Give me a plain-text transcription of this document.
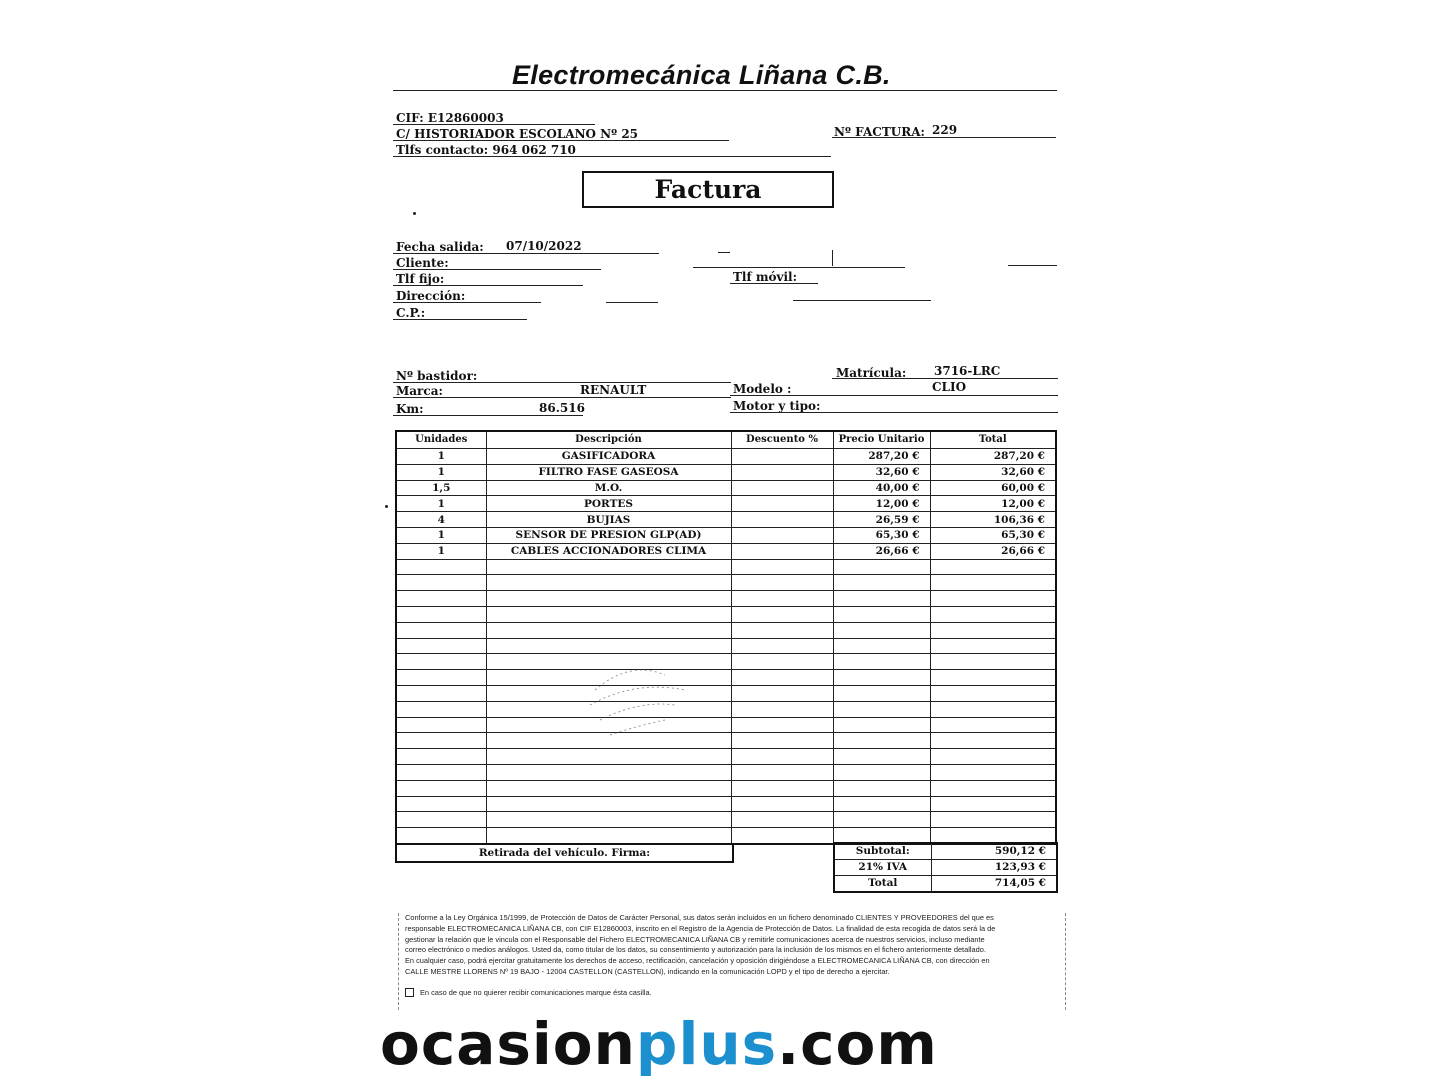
Electromecánica Liñana C.B.
CIF: E12860003
C/ HISTORIADOR ESCOLANO Nº 25
Tlfs contacto: 964 062 710
Nº FACTURA: 229
Factura
Fecha salida: 07/10/2022
Cliente:
Tlf fijo:	Tlf móvil:
Dirección:
C.P.:
Nº bastidor:	Matrícula: 3716-LRC
Marca:	RENAULT	Modelo :	CLIO
Km:	86.516	Motor y tipo:
Unidades	Descripción	Descuento %	Precio Unitario	Total
1	GASIFICADORA		287,20 €	287,20 €
1	FILTRO FASE GASEOSA		32,60 €	32,60 €
1,5	M.O.		40,00 €	60,00 €
1	PORTES		12,00 €	12,00 €
4	BUJIAS		26,59 €	106,36 €
1	SENSOR DE PRESION GLP(AD)		65,30 €	65,30 €
1	CABLES ACCIONADORES CLIMA		26,66 €	26,66 €

Retirada del vehículo. Firma:	Subtotal:	590,12 €
21% IVA	123,93 €
Total	714,05 €

Conforme a la Ley Orgánica 15/1999, de Protección de Datos de Carácter Personal, sus datos serán incluidos en un fichero denominado CLIENTES Y PROVEEDORES del que es

responsable ELECTROMECANICA LIÑANA CB, con CIF E12860003, inscrito en el Registro de la Agencia de Protección de Datos. La finalidad de esta recogida de datos será la de

gestionar la relación que le vincula con el Responsable del Fichero ELECTROMECANICA LIÑANA CB y remitirle comunicaciones acerca de nuestros servicios, incluso mediante

correo electrónico o medios análogos. Usted da, como titular de los datos, su consentimiento y autorización para la inclusión de los mismos en el fichero anteriormente detallado.

En cualquier caso, podrá ejercitar gratuitamente los derechos de acceso, rectificación, cancelación y oposición dirigiéndose a ELECTROMECANICA LIÑANA CB, con dirección en

CALLE MESTRE LLORENS Nº 19 BAJO - 12004 CASTELLON (CASTELLON), indicando en la comunicación LOPD y el tipo de derecho a ejercitar.

En caso de que no quierer recibir comunicaciones marque ésta casilla.

ocasionplus.com
